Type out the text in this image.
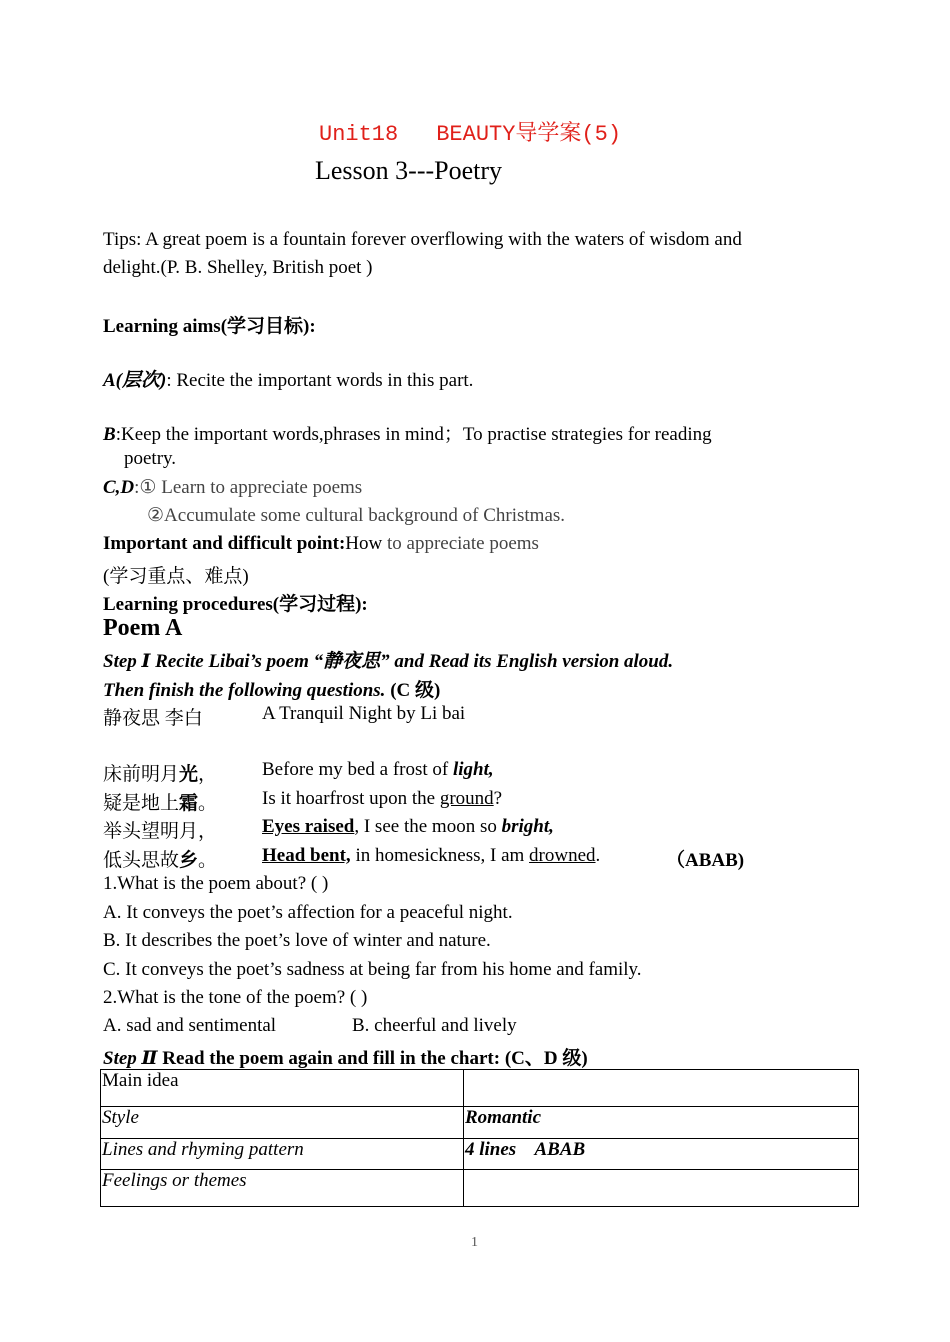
Unit18 BEAUTY导学案(5)
Lesson 3---Poetry
Tips: A great poem is a fountain forever overflowing with the waters of wisdom and
delight.(P. B. Shelley, British poet )
Learning aims(学习目标):
A(层次): Recite the important words in this part.
B:Keep the important words,phrases in mind；To practise strategies for reading
poetry.
C,D:① Learn to appreciate poems
②Accumulate some cultural background of Christmas.
Important and difficult point:How to appreciate poems
(学习重点、难点)
Learning procedures(学习过程):
Poem A
Step Ⅰ Recite Libai’s poem “静夜思” and Read its English version aloud.
Then finish the following questions. (C 级)
静夜思 李白	A Tranquil Night by Li bai
床前明月光， Before my bed a frost of light,
疑是地上霜。 Is it hoarfrost upon the ground?
举头望明月， Eyes raised, I see the moon so bright,
低头思故乡。 Head bent, in homesickness, I am drowned.	（ABAB)
1.What is the poem about? ( )
A. It conveys the poet’s affection for a peaceful night.
B. It describes the poet’s love of winter and nature.
C. It conveys the poet’s sadness at being far from his home and family.
2.What is the tone of the poem? ( )
A. sad and sentimental	B. cheerful and lively
Step Ⅱ Read the poem again and fill in the chart: (C、D 级)
Main idea	
Style	Romantic
Lines and rhyming pattern	4 lines    ABAB
Feelings or themes	
1
